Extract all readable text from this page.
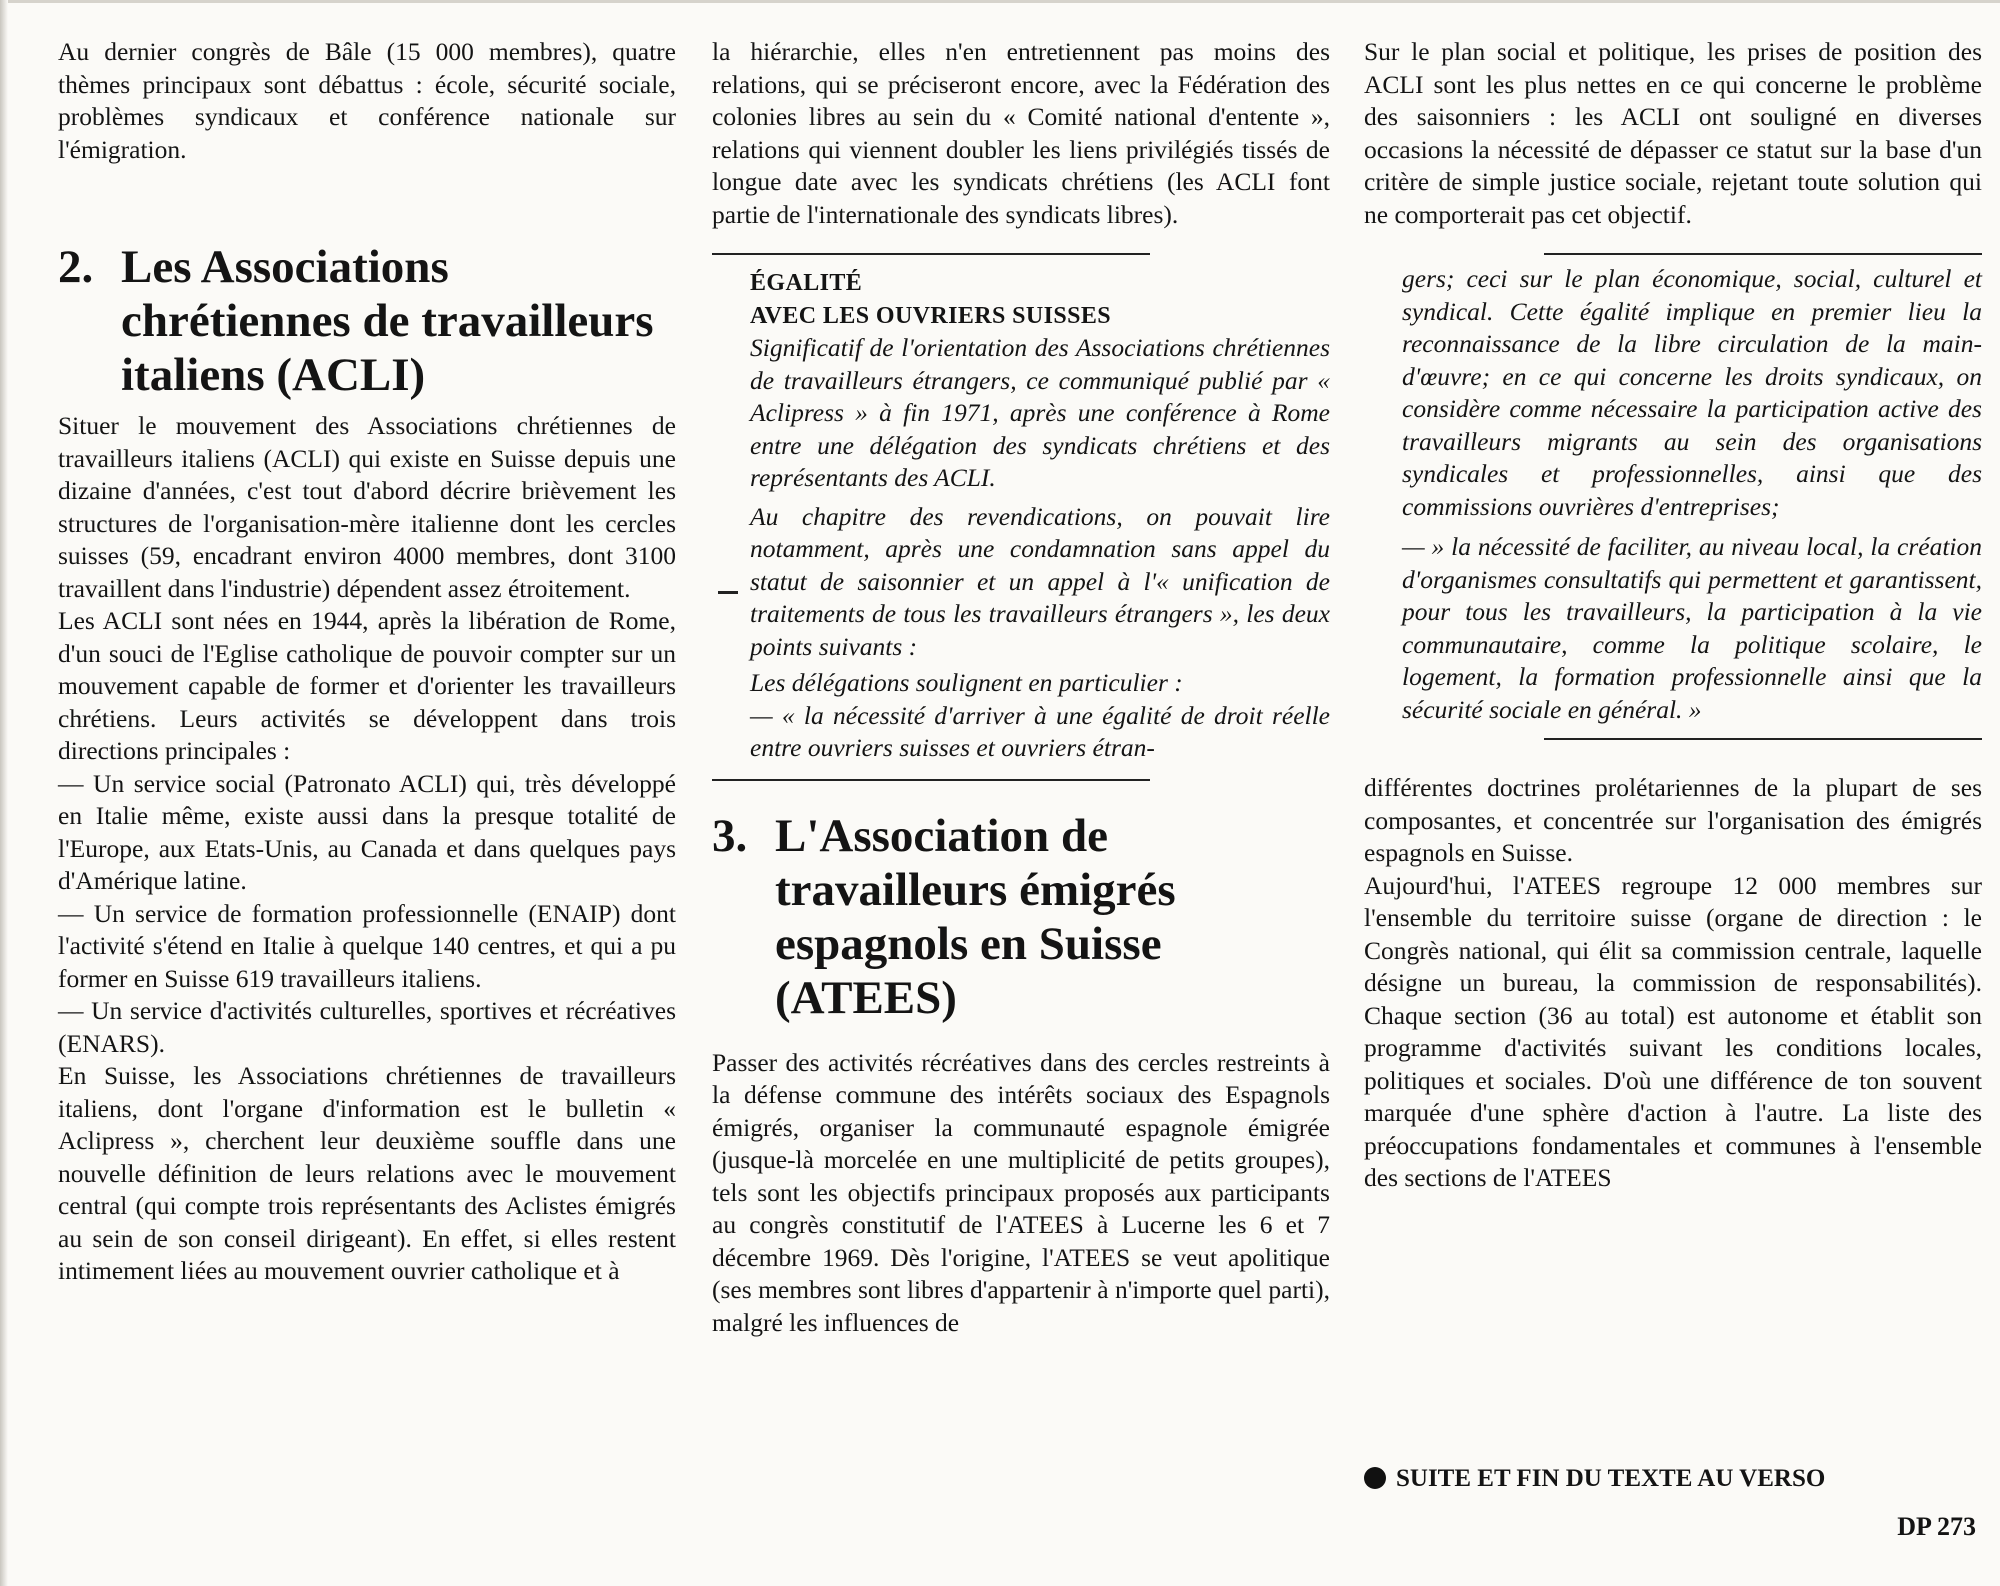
Au dernier congrès de Bâle (15 000 membres), quatre thèmes principaux sont débattus : école, sécurité sociale, problèmes syndicaux et conférence nationale sur l'émigration.

2. Les Associations chrétiennes de travailleurs italiens (ACLI)

Situer le mouvement des Associations chrétiennes de travailleurs italiens (ACLI) qui existe en Suisse depuis une dizaine d'années, c'est tout d'abord décrire brièvement les structures de l'organisation-mère italienne dont les cercles suisses (59, encadrant environ 4000 membres, dont 3100 travaillent dans l'industrie) dépendent assez étroitement.

Les ACLI sont nées en 1944, après la libération de Rome, d'un souci de l'Eglise catholique de pouvoir compter sur un mouvement capable de former et d'orienter les travailleurs chrétiens. Leurs activités se développent dans trois directions principales :

— Un service social (Patronato ACLI) qui, très développé en Italie même, existe aussi dans la presque totalité de l'Europe, aux Etats-Unis, au Canada et dans quelques pays d'Amérique latine.

— Un service de formation professionnelle (ENAIP) dont l'activité s'étend en Italie à quelque 140 centres, et qui a pu former en Suisse 619 travailleurs italiens.

— Un service d'activités culturelles, sportives et récréatives (ENARS).

En Suisse, les Associations chrétiennes de travailleurs italiens, dont l'organe d'information est le bulletin « Aclipress », cherchent leur deuxième souffle dans une nouvelle définition de leurs relations avec le mouvement central (qui compte trois représentants des Aclistes émigrés au sein de son conseil dirigeant). En effet, si elles restent intimement liées au mouvement ouvrier catholique et à

la hiérarchie, elles n'en entretiennent pas moins des relations, qui se préciseront encore, avec la Fédération des colonies libres au sein du « Comité national d'entente », relations qui viennent doubler les liens privilégiés tissés de longue date avec les syndicats chrétiens (les ACLI font partie de l'internationale des syndicats libres).

ÉGALITÉ
AVEC LES OUVRIERS SUISSES

Significatif de l'orientation des Associations chrétiennes de travailleurs étrangers, ce communiqué publié par « Aclipress » à fin 1971, après une conférence à Rome entre une délégation des syndicats chrétiens et des représentants des ACLI.

Au chapitre des revendications, on pouvait lire notamment, après une condamnation sans appel du statut de saisonnier et un appel à l'« unification de traitements de tous les travailleurs étrangers », les deux points suivants :

Les délégations soulignent en particulier :

— « la nécessité d'arriver à une égalité de droit réelle entre ouvriers suisses et ouvriers étran-

3. L'Association de travailleurs émigrés espagnols en Suisse (ATEES)

Passer des activités récréatives dans des cercles restreints à la défense commune des intérêts sociaux des Espagnols émigrés, organiser la communauté espagnole émigrée (jusque-là morcelée en une multiplicité de petits groupes), tels sont les objectifs principaux proposés aux participants au congrès constitutif de l'ATEES à Lucerne les 6 et 7 décembre 1969. Dès l'origine, l'ATEES se veut apolitique (ses membres sont libres d'appartenir à n'importe quel parti), malgré les influences de

Sur le plan social et politique, les prises de position des ACLI sont les plus nettes en ce qui concerne le problème des saisonniers : les ACLI ont souligné en diverses occasions la nécessité de dépasser ce statut sur la base d'un critère de simple justice sociale, rejetant toute solution qui ne comporterait pas cet objectif.

gers; ceci sur le plan économique, social, culturel et syndical. Cette égalité implique en premier lieu la reconnaissance de la libre circulation de la main-d'œuvre; en ce qui concerne les droits syndicaux, on considère comme nécessaire la participation active des travailleurs migrants au sein des organisations syndicales et professionnelles, ainsi que des commissions ouvrières d'entreprises;

— » la nécessité de faciliter, au niveau local, la création d'organismes consultatifs qui permettent et garantissent, pour tous les travailleurs, la participation à la vie communautaire, comme la politique scolaire, le logement, la formation professionnelle ainsi que la sécurité sociale en général. »

différentes doctrines prolétariennes de la plupart de ses composantes, et concentrée sur l'organisation des émigrés espagnols en Suisse.

Aujourd'hui, l'ATEES regroupe 12 000 membres sur l'ensemble du territoire suisse (organe de direction : le Congrès national, qui élit sa commission centrale, laquelle désigne un bureau, la commission de responsabilités). Chaque section (36 au total) est autonome et établit son programme d'activités suivant les conditions locales, politiques et sociales. D'où une différence de ton souvent marquée d'une sphère d'action à l'autre. La liste des préoccupations fondamentales et communes à l'ensemble des sections de l'ATEES

SUITE ET FIN DU TEXTE AU VERSO
DP 273
